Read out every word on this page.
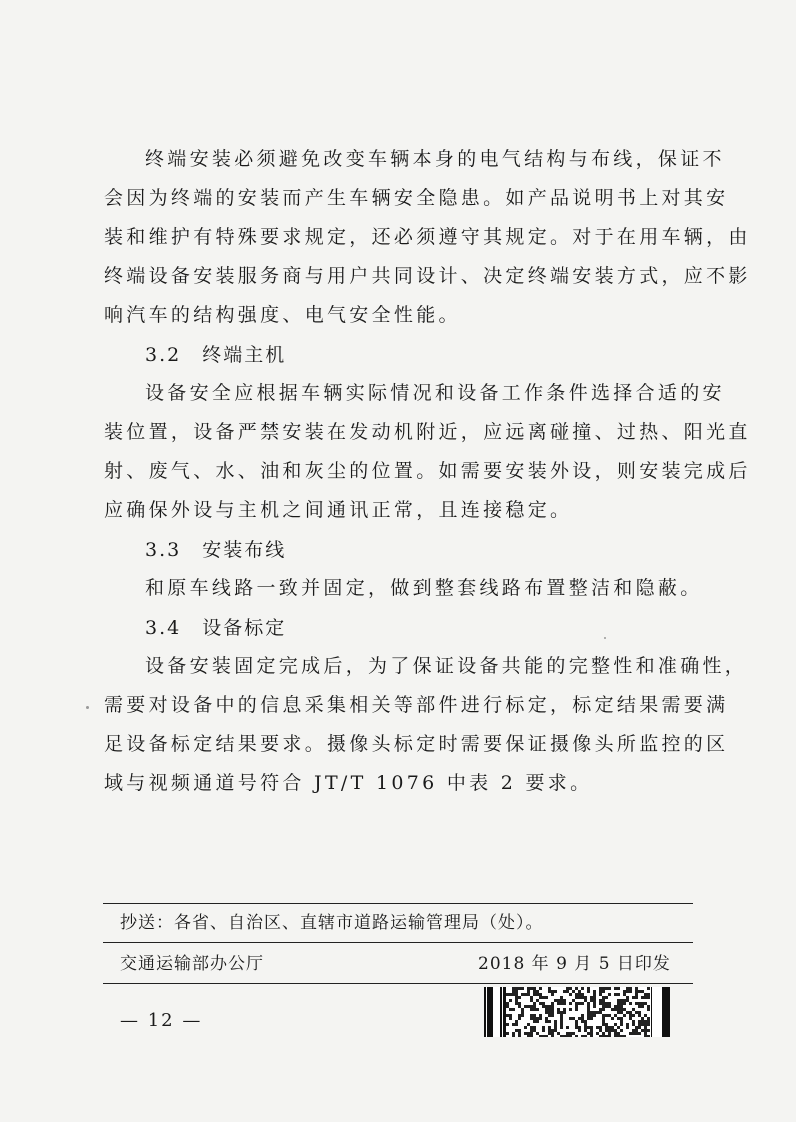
终端安装必须避免改变车辆本身的电气结构与布线，保证不
会因为终端的安装而产生车辆安全隐患。如产品说明书上对其安
装和维护有特殊要求规定，还必须遵守其规定。对于在用车辆，由
终端设备安装服务商与用户共同设计、决定终端安装方式，应不影
响汽车的结构强度、电气安全性能。
3.2　终端主机
设备安全应根据车辆实际情况和设备工作条件选择合适的安
装位置，设备严禁安装在发动机附近，应远离碰撞、过热、阳光直
射、废气、水、油和灰尘的位置。如需要安装外设，则安装完成后
应确保外设与主机之间通讯正常，且连接稳定。
3.3　安装布线
和原车线路一致并固定，做到整套线路布置整洁和隐蔽。
3.4　设备标定
设备安装固定完成后，为了保证设备共能的完整性和准确性，
需要对设备中的信息采集相关等部件进行标定，标定结果需要满
足设备标定结果要求。摄像头标定时需要保证摄像头所监控的区
域与视频通道号符合 JT/T 1076 中表 2 要求。
抄送：各省、自治区、直辖市道路运输管理局（处）。
交通运输部办公厅	2018 年 9 月 5 日印发
— 12 —
